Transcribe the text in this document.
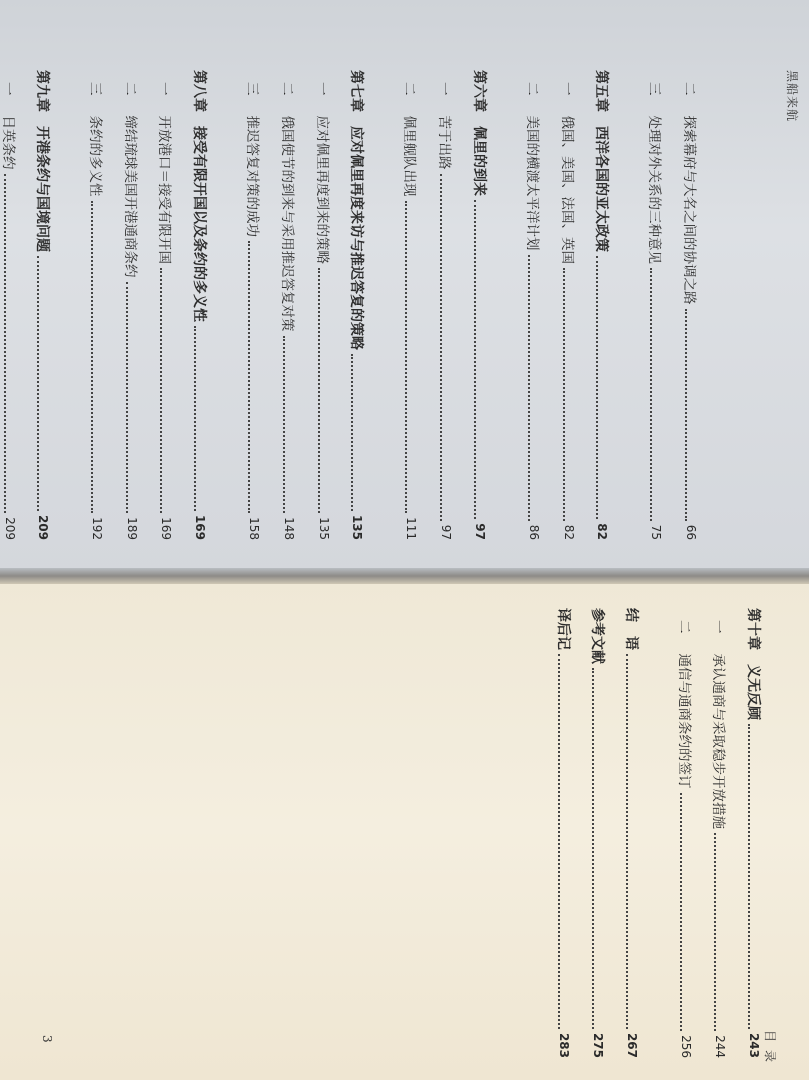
黑船来航
目录
3
二探索幕府与大名之间的协调之路
66
三处理对外关系的三种意见
75
第五章西洋各国的亚太政策
82
一俄国、美国、法国、英国
82
二美国的横渡太平洋计划
86
第六章佩里的到来
97
一苦于出路
97
二佩里舰队出现
111
第七章应对佩里再度来访与推迟答复的策略
135
一应对佩里再度到来的策略
135
二俄国使节的到来与采用推迟答复对策
148
三推迟答复对策的成功
158
第八章接受有限开国以及条约的多义性
169
一开放港口＝接受有限开国
169
二缔结琉球美国开港通商条约
189
三条约的多义性
192
第九章开港条约与国境问题
209
一日英条约
209
第十章义无反顾
243
一承认通商与采取稳步开放措施
244
二通信与通商条约的签订
256
结　语
267
参考文献
275
译后记
283
